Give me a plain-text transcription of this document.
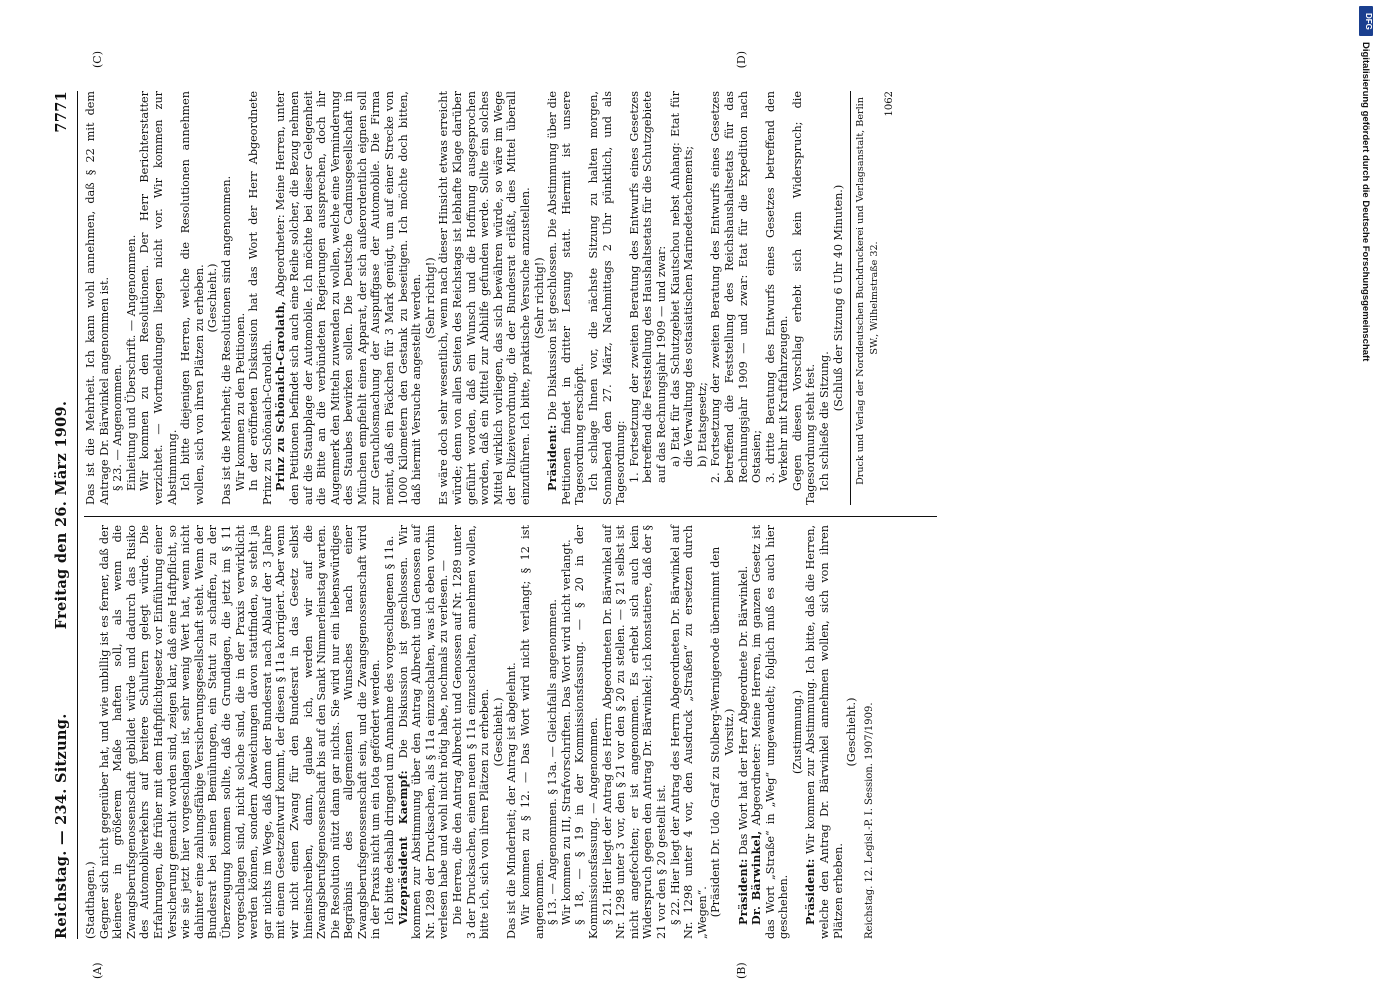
Reichstag. — 234. Sitzung.
Freitag den 26. März 1909.
7771

(Stadthagen.) Gegner sich nicht gegenüber hat, und wie unbillig ist es ferner, daß der kleinere in größerem Maße haften soll, als wenn die Zwangsberufsgenossenschaft gebildet würde und dadurch das Risiko des Automobilverkehrs auf breitere Schultern gelegt würde. Die Erfahrungen, die früher mit dem Haftpflichtgesetz vor Einführung einer Versicherung gemacht worden sind, zeigen klar, daß eine Haftpflicht, so wie sie jetzt hier vorgeschlagen ist, sehr wenig Wert hat, wenn nicht dahinter eine zahlungsfähige Versicherungsgesellschaft steht. Wenn der Bundesrat bei seinen Bemühungen, ein Statut zu schaffen, zu der Überzeugung kommen sollte, daß die Grundlagen, die jetzt im § 11 vorgeschlagen sind, nicht solche sind, die in der Praxis verwirklicht werden können, sondern Abweichungen davon stattfinden, so steht ja gar nichts im Wege, daß dann der Bundesrat nach Ablauf der 3 Jahre mit einem Gesetzentwurf kommt, der diesen § 11a korrigiert. Aber wenn wir nicht einen Zwang für den Bundesrat in das Gesetz selbst hineinschreiben, dann, glaube ich, werden wir auf die Zwangsberufsgenossenschaft bis auf den Sankt Nimmerleinstag warten. Die Resolution nützt dann gar nichts. Sie wird nur ein liebenswürdiges Begräbnis des allgemeinen Wunsches nach einer Zwangsberufsgenossenschaft sein, und die Zwangsgenossenschaft wird in der Praxis nicht um ein Iota gefördert werden. Ich bitte deshalb dringend um Annahme des vorgeschlagenen § 11a. Vizepräsident Kaempf: Die Diskussion ist geschlossen. Wir kommen zur Abstimmung über den Antrag Albrecht und Genossen auf Nr. 1289 der Drucksachen, als § 11a einzuschalten, was ich eben vorhin verlesen habe und wohl nicht nötig habe, nochmals zu verlesen. — Die Herren, die den Antrag Albrecht und Genossen auf Nr. 1289 unter 3 der Drucksachen, einen neuen § 11a einzuschalten, annehmen wollen, bitte ich, sich von ihren Plätzen zu erheben. (Geschieht.) Das ist die Minderheit; der Antrag ist abgelehnt. Wir kommen zu § 12. — Das Wort wird nicht verlangt; § 12 ist angenommen. § 13. — Angenommen. § 13a. — Gleichfalls angenommen. Wir kommen zu III, Strafvorschriften. Das Wort wird nicht verlangt. § 18, — § 19 in der Kommissionsfassung. — § 20 in der Kommissionsfassung. — Angenommen. § 21. Hier liegt der Antrag des Herrn Abgeordneten Dr. Bärwinkel auf Nr. 1298 unter 3 vor, den § 21 vor den § 20 zu stellen. — § 21 selbst ist nicht angefochten; er ist angenommen. Es erhebt sich auch kein Widerspruch gegen den Antrag Dr. Bärwinkel; ich konstatiere, daß der § 21 vor den § 20 gestellt ist. § 22. Hier liegt der Antrag des Herrn Abgeordneten Dr. Bärwinkel auf Nr. 1298 unter 4 vor, den Ausdruck „Straßen“ zu ersetzen durch „Wegen“. (Präsident Dr. Udo Graf zu Stolberg-Wernigerode übernimmt den Vorsitz.)

Präsident: Das Wort hat der Herr Abgeordnete Dr. Bärwinkel.

Dr. Bärwinkel, Abgeordneter: Meine Herren, im ganzen Gesetz ist das Wort „Straße“ in „Weg“ umgewandelt; folglich muß es auch hier geschehen.

(Zustimmung.)

Präsident: Wir kommen zur Abstimmung. Ich bitte, daß die Herren, welche den Antrag Dr. Bärwinkel annehmen wollen, sich von ihren Plätzen erheben.

(Geschieht.) Reichstag. 12. Legisl.-P. I. Session. 1907/1909.

Das ist die Mehrheit. Ich kann wohl annehmen, daß § 22 mit dem Antrage Dr. Bärwinkel angenommen ist. § 23. — Angenommen. Einleitung und Überschrift. — Angenommen. Wir kommen zu den Resolutionen. Der Herr Berichterstatter verzichtet. — Wortmeldungen liegen nicht vor. Wir kommen zur Abstimmung. Ich bitte diejenigen Herren, welche die Resolutionen annehmen wollen, sich von ihren Plätzen zu erheben. (Geschieht.) Das ist die Mehrheit; die Resolutionen sind angenommen. Wir kommen zu den Petitionen. In der eröffneten Diskussion hat das Wort der Herr Abgeordnete Prinz zu Schönaich-Carolath. Prinz zu Schönaich-Carolath, Abgeordneter: Meine Herren, unter den Petitionen befindet sich auch eine Reihe solcher, die Bezug nehmen auf die Staubplage der Automobile. Ich möchte bei dieser Gelegenheit die Bitte an die verbündeten Regierungen aussprechen, doch ihr Augenmerk den Mitteln zuwenden zu wollen, welche eine Verminderung des Staubes bewirken sollen. Die Deutsche Cadmusgesellschaft in München empfiehlt einen Apparat, der sich außerordentlich eignen soll zur Geruchlosmachung der Auspuffgase der Automobile. Die Firma meint, daß ein Päckchen für 3 Mark genügt, um auf einer Strecke von 1000 Kilometern den Gestank zu beseitigen. Ich möchte doch bitten, daß hiermit Versuche angestellt werden. (Sehr richtig!) Es wäre doch sehr wesentlich, wenn nach dieser Hinsicht etwas erreicht würde; denn von allen Seiten des Reichstags ist lebhafte Klage darüber geführt worden, daß ein Wunsch und die Hoffnung ausgesprochen worden, daß ein Mittel zur Abhilfe gefunden werde. Sollte ein solches Mittel wirklich vorliegen, das sich bewähren würde, so wäre im Wege der Polizeiverordnung, die der Bundesrat erläßt, dies Mittel überall einzuführen. Ich bitte, praktische Versuche anzustellen. (Sehr richtig!)

Präsident: Die Diskussion ist geschlossen. Die Abstimmung über die Petitionen findet in dritter Lesung statt. Hiermit ist unsere Tagesordnung erschöpft. Ich schlage Ihnen vor, die nächste Sitzung zu halten morgen, Sonnabend den 27. März, Nachmittags 2 Uhr pünktlich, und als Tagesordnung: 1. Fortsetzung der zweiten Beratung des Entwurfs eines Gesetzes betreffend die Feststellung des Haushaltsetats für die Schutzgebiete auf das Rechnungsjahr 1909 — und zwar: a) Etat für das Schutzgebiet Kiautschou nebst Anhang: Etat für die Verwaltung des ostasiatischen Marinedetachements; b) Etatsgesetz; 2. Fortsetzung der zweiten Beratung des Entwurfs eines Gesetzes betreffend die Feststellung des Reichshaushaltsetats für das Rechnungsjahr 1909 — und zwar: Etat für die Expedition nach Ostasien; 3. dritte Beratung des Entwurfs eines Gesetzes betreffend den Verkehr mit Kraftfahrzeugen. Gegen diesen Vorschlag erhebt sich kein Widerspruch; die Tagesordnung steht fest. Ich schließe die Sitzung.

(Schluß der Sitzung 6 Uhr 40 Minuten.) Druck und Verlag der Norddeutschen Buchdruckerei und Verlagsanstalt, Berlin SW., Wilhelmstraße 32.

1062
(A)	(B)
(C)	(D)
DFG
Digitalisierung gefördert durch die Deutsche Forschungsgemeinschaft
